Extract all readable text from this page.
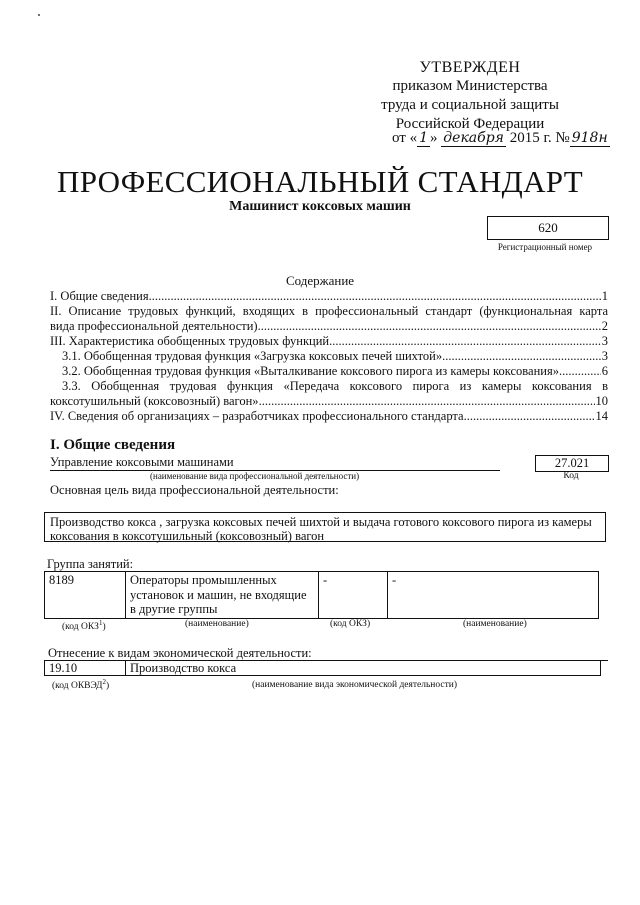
УТВЕРЖДЕН
приказом Министерства
труда и социальной защиты
Российской Федерации
от « 1 » декабря 2015 г. № 918н
ПРОФЕССИОНАЛЬНЫЙ СТАНДАРТ
Машинист коксовых машин
620
Регистрационный номер
Содержание
I. Общие сведения .....	1
II. Описание трудовых функций, входящих в профессиональный стандарт (функциональная карта
вида профессиональной деятельности) .....	2
III. Характеристика обобщенных трудовых функций .....	3
3.1. Обобщенная трудовая функция «Загрузка коксовых печей шихтой» .....	3
3.2. Обобщенная трудовая функция «Выталкивание коксового пирога из камеры коксования» .....	6
3.3. Обобщенная трудовая функция «Передача коксового пирога из камеры коксования в
коксотушильный (коксовозный) вагон» .....	10
IV. Сведения об организациях – разработчиках профессионального стандарта .....	14
I. Общие сведения
Управление коксовыми машинами
(наименование вида профессиональной деятельности)
27.021
Код
Основная цель вида профессиональной деятельности:
Производство кокса , загрузка коксовых печей шихтой и выдача готового коксового пирога из камеры коксования в коксотушильный (коксовозный) вагон
Группа занятий:
8189	Операторы промышленных установок и машин, не входящие в другие группы	-	-
(код ОКЗ$^1$)	(наименование)	(код ОКЗ)	(наименование)
Отнесение к видам экономической деятельности:
19.10	Производство кокса
(код ОКВЭД$^2$)	(наименование вида экономической деятельности)
